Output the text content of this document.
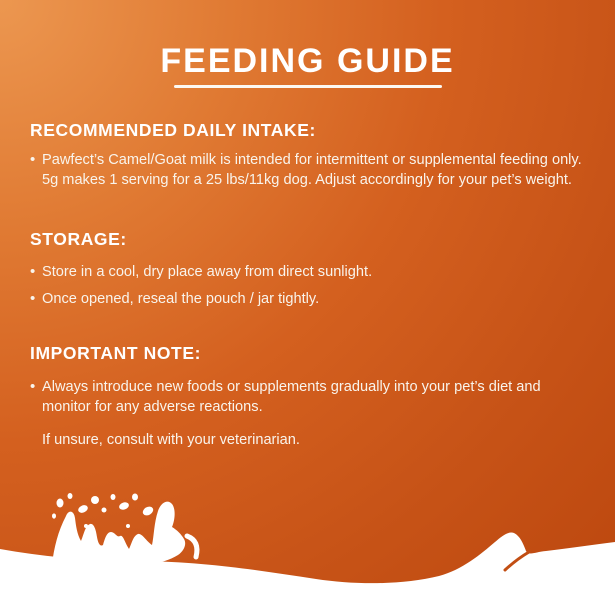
FEEDING GUIDE
RECOMMENDED DAILY INTAKE:
• Pawfect’s Camel/Goat milk is intended for intermittent or supplemental feeding only. 5g makes 1 serving for a 25 lbs/11kg dog. Adjust accordingly for your pet’s weight.

STORAGE:
• Store in a cool, dry place away from direct sunlight.

• Once opened, reseal the pouch / jar tightly.

IMPORTANT NOTE:
• Always introduce new foods or supplements gradually into your pet’s diet and monitor for any adverse reactions.

If unsure, consult with your veterinarian.
